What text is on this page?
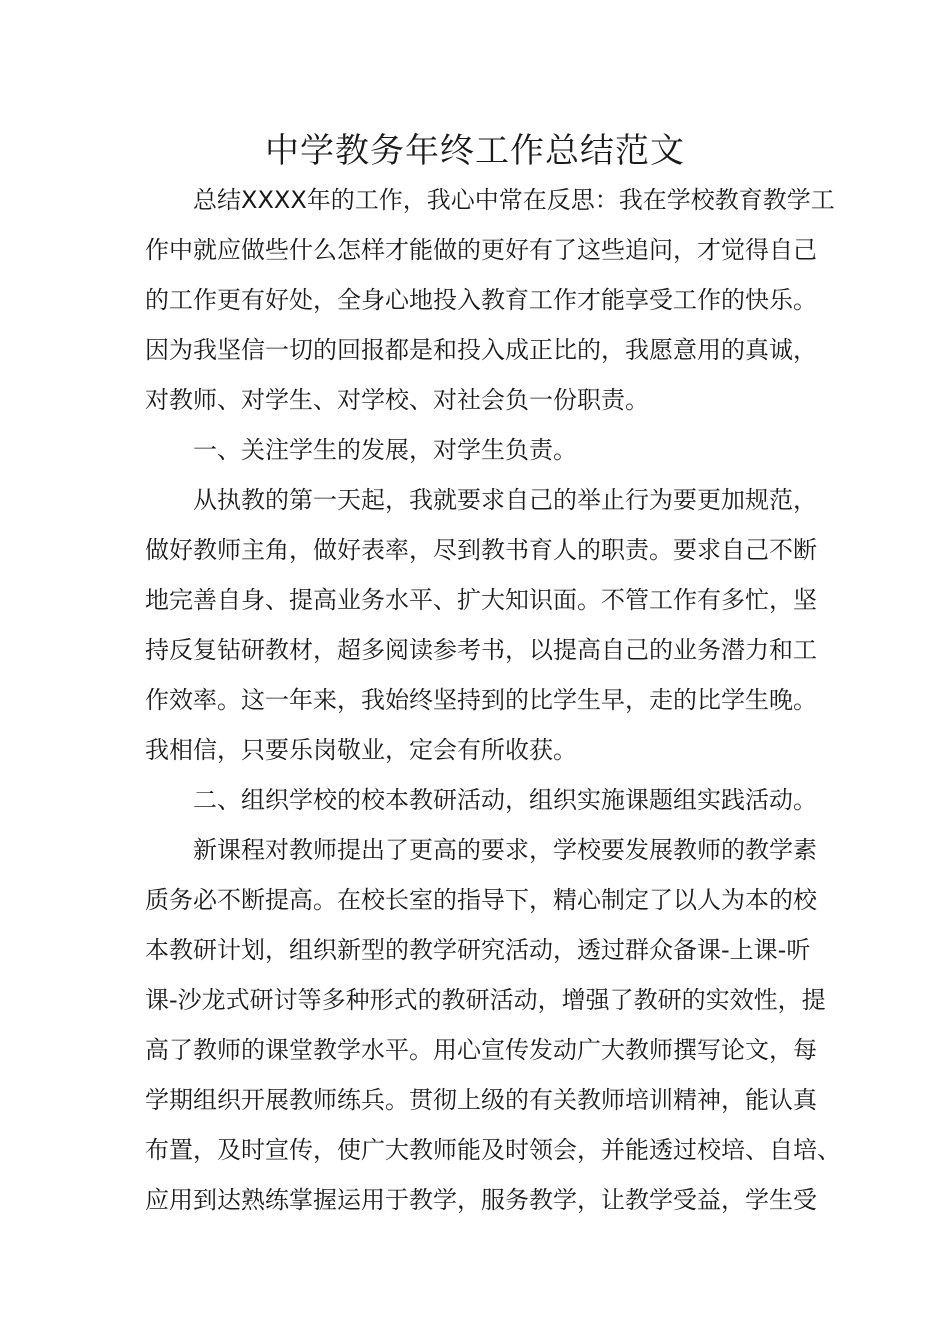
中学教务年终工作总结范文

总结XXXX年的工作，我心中常在反思：我在学校教育教学工

作中就应做些什么怎样才能做的更好有了这些追问，才觉得自己

的工作更有好处，全身心地投入教育工作才能享受工作的快乐。

因为我坚信一切的回报都是和投入成正比的，我愿意用的真诚，

对教师、对学生、对学校、对社会负一份职责。

一、关注学生的发展，对学生负责。

从执教的第一天起，我就要求自己的举止行为要更加规范，

做好教师主角，做好表率，尽到教书育人的职责。要求自己不断

地完善自身、提高业务水平、扩大知识面。不管工作有多忙，坚

持反复钻研教材，超多阅读参考书，以提高自己的业务潜力和工

作效率。这一年来，我始终坚持到的比学生早，走的比学生晚。

我相信，只要乐岗敬业，定会有所收获。

二、组织学校的校本教研活动，组织实施课题组实践活动。

新课程对教师提出了更高的要求，学校要发展教师的教学素

质务必不断提高。在校长室的指导下，精心制定了以人为本的校

本教研计划，组织新型的教学研究活动，透过群众备课-上课-听

课-沙龙式研讨等多种形式的教研活动，增强了教研的实效性，提

高了教师的课堂教学水平。用心宣传发动广大教师撰写论文，每

学期组织开展教师练兵。贯彻上级的有关教师培训精神，能认真

布置，及时宣传，使广大教师能及时领会，并能透过校培、自培、

应用到达熟练掌握运用于教学，服务教学，让教学受益，学生受
